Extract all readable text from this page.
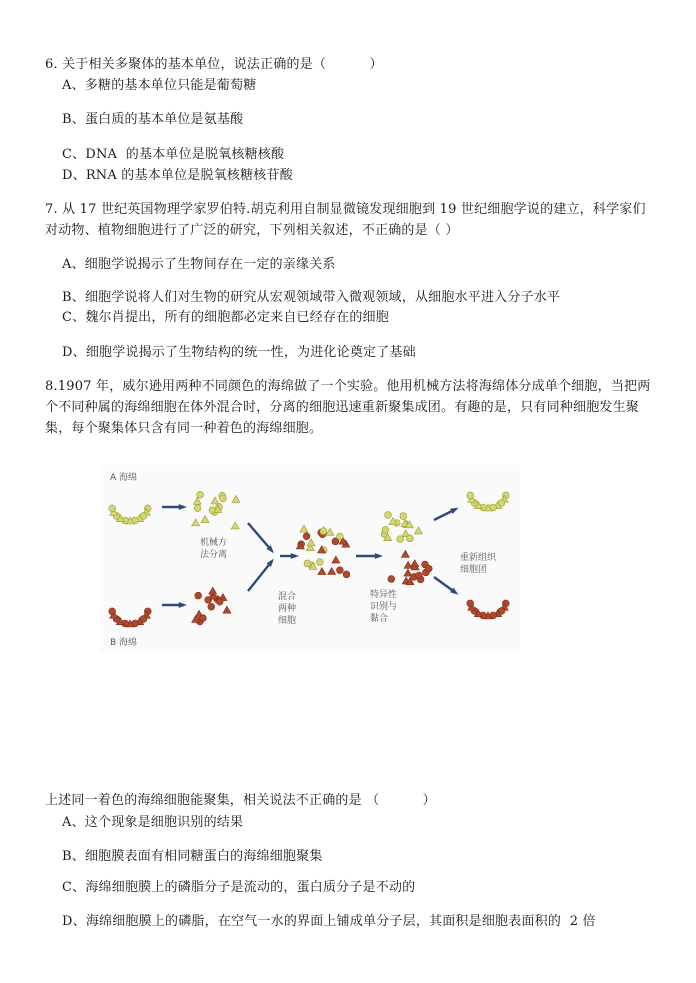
6. 关于相关多聚体的基本单位，说法正确的是（          ）
A、多糖的基本单位只能是葡萄糖
B、蛋白质的基本单位是氨基酸
C、DNA  的基本单位是脱氧核糖核酸
D、RNA 的基本单位是脱氧核糖核苷酸
7. 从 17 世纪英国物理学家罗伯特.胡克利用自制显微镜发现细胞到 19 世纪细胞学说的建立，科学家们
对动物、植物细胞进行了广泛的研究，下列相关叙述，不正确的是（ ）
A、细胞学说揭示了生物间存在一定的亲缘关系
B、细胞学说将人们对生物的研究从宏观领域带入微观领域，从细胞水平进入分子水平
C、魏尔肖提出，所有的细胞都必定来自已经存在的细胞
D、细胞学说揭示了生物结构的统一性，为进化论奠定了基础
8.1907 年，威尔逊用两种不同颜色的海绵做了一个实验。他用机械方法将海绵体分成单个细胞，当把两
个不同种属的海绵细胞在体外混合时，分离的细胞迅速重新聚集成团。有趣的是，只有同种细胞发生聚
集，每个聚集体只含有同一种着色的海绵细胞。
A 海绵
B 海绵
机械方
法分离
混合
两种
细胞
特异性
识别与
黏合
重新组织
细胞团
上述同一着色的海绵细胞能聚集，相关说法不正确的是 （          ）
A、这个现象是细胞识别的结果
B、细胞膜表面有相同糖蛋白的海绵细胞聚集
C、海绵细胞膜上的磷脂分子是流动的，蛋白质分子是不动的
D、海绵细胞膜上的磷脂，在空气一水的界面上铺成单分子层，其面积是细胞表面积的  2 倍
